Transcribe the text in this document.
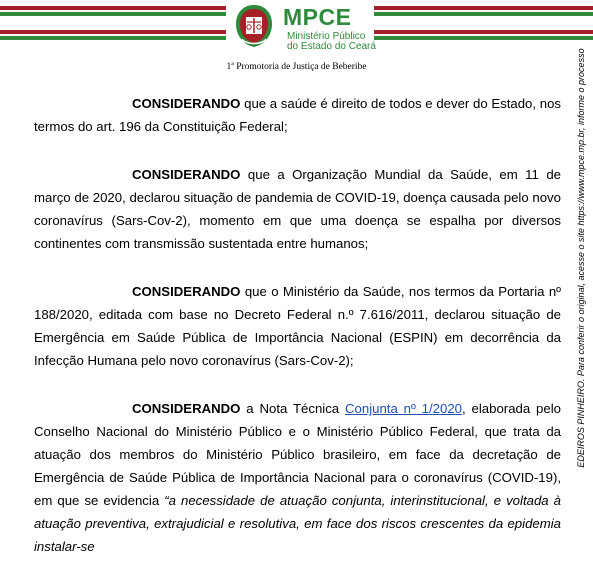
MPCE
Ministério Público
do Estado do Ceará
1ª Promotoria de Justiça de Beberibe

CONSIDERANDO que a saúde é direito de todos e dever do Estado, nos termos do art. 196 da Constituição Federal;

CONSIDERANDO que a Organização Mundial da Saúde, em 11 de março de 2020, declarou situação de pandemia de COVID-19, doença causada pelo novo coronavírus (Sars-Cov-2), momento em que uma doença se espalha por diversos continentes com transmissão sustentada entre humanos;

CONSIDERANDO que o Ministério da Saúde, nos termos da Portaria nº 188/2020, editada com base no Decreto Federal n.º 7.616/2011, declarou situação de Emergência em Saúde Pública de Importância Nacional (ESPIN) em decorrência da Infecção Humana pelo novo coronavírus (Sars-Cov-2);

CONSIDERANDO a Nota Técnica Conjunta nº 1/2020, elaborada pelo Conselho Nacional do Ministério Público e o Ministério Público Federal, que trata da atuação dos membros do Ministério Público brasileiro, em face da decretação de Emergência de Saúde Pública de Importância Nacional para o coronavírus (COVID-19), em que se evidencia “a necessidade de atuação conjunta, interinstitucional, e voltada à atuação preventiva, extrajudicial e resolutiva, em face dos riscos crescentes da epidemia instalar-se

EDEIROS PINHEIRO. Para conferir o original, acesse o site https://www.mpce.mp.br, informe o processo
